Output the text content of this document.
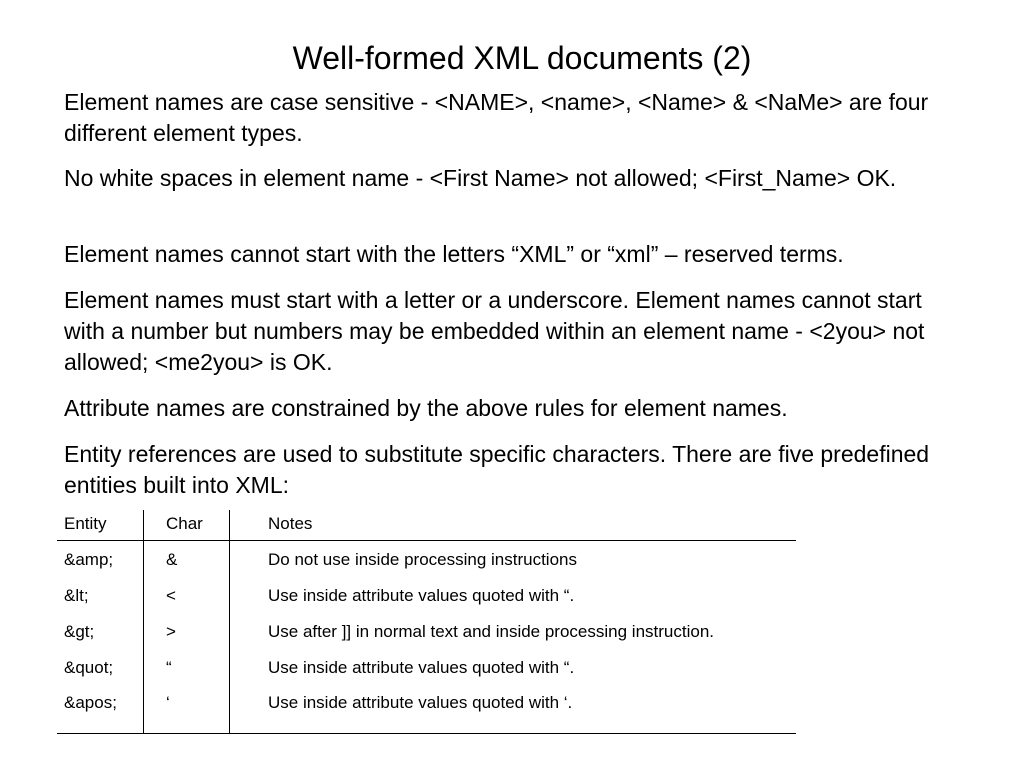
Well-formed XML documents (2)

Element names are case sensitive - <NAME>, <name>, <Name> & <NaMe> are four different element types.

No white spaces in element name - <First Name> not allowed; <First_Name> OK.

Element names cannot start with the letters “XML” or “xml” – reserved terms.

Element names must start with a letter or a underscore. Element names cannot start with a number but numbers may be embedded within an element name - <2you> not allowed; <me2you> is OK.

Attribute names are constrained by the above rules for element names.

Entity references are used to substitute specific characters. There are five predefined entities built into XML:

Entity	Char	Notes
&amp;	&	Do not use inside processing instructions
&lt;	<	Use inside attribute values quoted with “.
&gt;	>	Use after ]] in normal text and inside processing instruction.
&quot;	“	Use inside attribute values quoted with “.
&apos;	‘	Use inside attribute values quoted with ‘.
